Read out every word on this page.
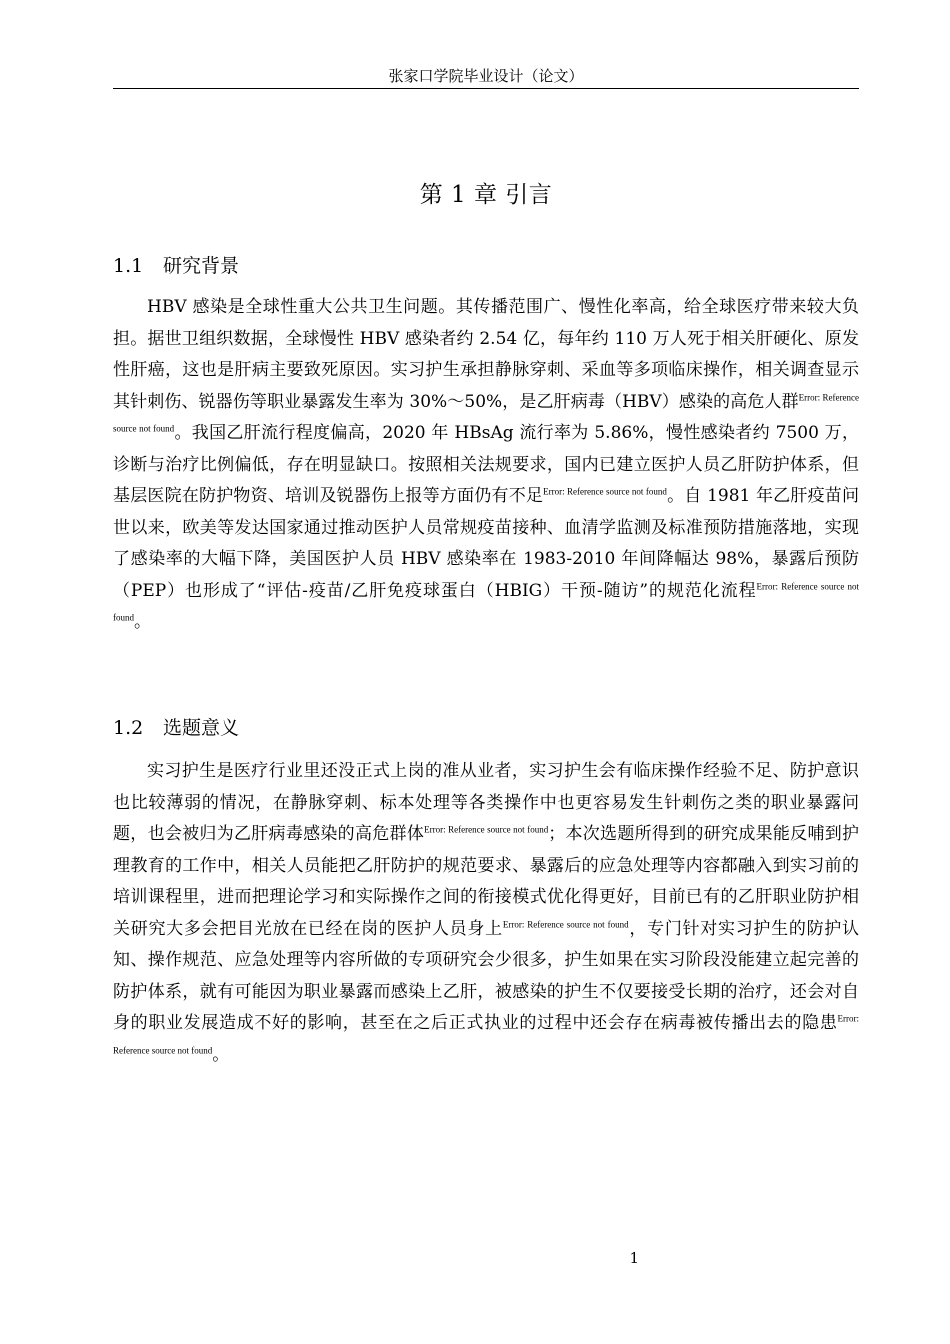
张家口学院毕业设计（论文）
第 1 章 引言
1.1 研究背景
HBV 感染是全球性重大公共卫生问题。其传播范围广、慢性化率高，给全球医疗带来较大负担。据世卫组织数据，全球慢性 HBV 感染者约 2.54 亿，每年约 110 万人死于相关肝硬化、原发性肝癌，这也是肝病主要致死原因。实习护生承担静脉穿刺、采血等多项临床操作，相关调查显示其针刺伤、锐器伤等职业暴露发生率为 30%～50%，是乙肝病毒（HBV）感染的高危人群$^{Error: Reference source not found}$。我国乙肝流行程度偏高，2020 年 HBsAg 流行率为 5.86%，慢性感染者约 7500 万，诊断与治疗比例偏低，存在明显缺口。按照相关法规要求，国内已建立医护人员乙肝防护体系，但基层医院在防护物资、培训及锐器伤上报等方面仍有不足$^{Error: Reference source not found}$。自 1981 年乙肝疫苗问世以来，欧美等发达国家通过推动医护人员常规疫苗接种、血清学监测及标准预防措施落地，实现了感染率的大幅下降，美国医护人员 HBV 感染率在 1983-2010 年间降幅达 98%，暴露后预防（PEP）也形成了“评估-疫苗/乙肝免疫球蛋白（HBIG）干预-随访”的规范化流程$^{Error: Reference source not found}$。
1.2 选题意义
实习护生是医疗行业里还没正式上岗的准从业者，实习护生会有临床操作经验不足、防护意识也比较薄弱的情况，在静脉穿刺、标本处理等各类操作中也更容易发生针刺伤之类的职业暴露问题，也会被归为乙肝病毒感染的高危群体$^{Error: Reference source not found}$；本次选题所得到的研究成果能反哺到护理教育的工作中，相关人员能把乙肝防护的规范要求、暴露后的应急处理等内容都融入到实习前的培训课程里，进而把理论学习和实际操作之间的衔接模式优化得更好，目前已有的乙肝职业防护相关研究大多会把目光放在已经在岗的医护人员身上$^{Error: Reference source not found}$，专门针对实习护生的防护认知、操作规范、应急处理等内容所做的专项研究会少很多，护生如果在实习阶段没能建立起完善的防护体系，就有可能因为职业暴露而感染上乙肝，被感染的护生不仅要接受长期的治疗，还会对自身的职业发展造成不好的影响，甚至在之后正式执业的过程中还会存在病毒被传播出去的隐患$^{Error: Reference source not found}$。
1
